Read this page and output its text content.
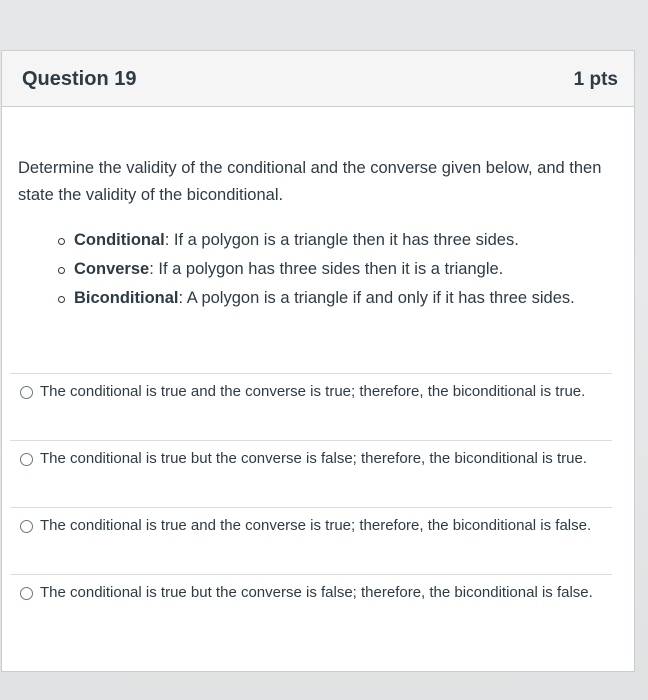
Question 19	1 pts
Determine the validity of the conditional and the converse given below, and then state the validity of the biconditional.
Conditional: If a polygon is a triangle then it has three sides.
Converse: If a polygon has three sides then it is a triangle.
Biconditional: A polygon is a triangle if and only if it has three sides.
The conditional is true and the converse is true; therefore, the biconditional is true.
The conditional is true but the converse is false; therefore, the biconditional is true.
The conditional is true and the converse is true; therefore, the biconditional is false.
The conditional is true but the converse is false; therefore, the biconditional is false.
